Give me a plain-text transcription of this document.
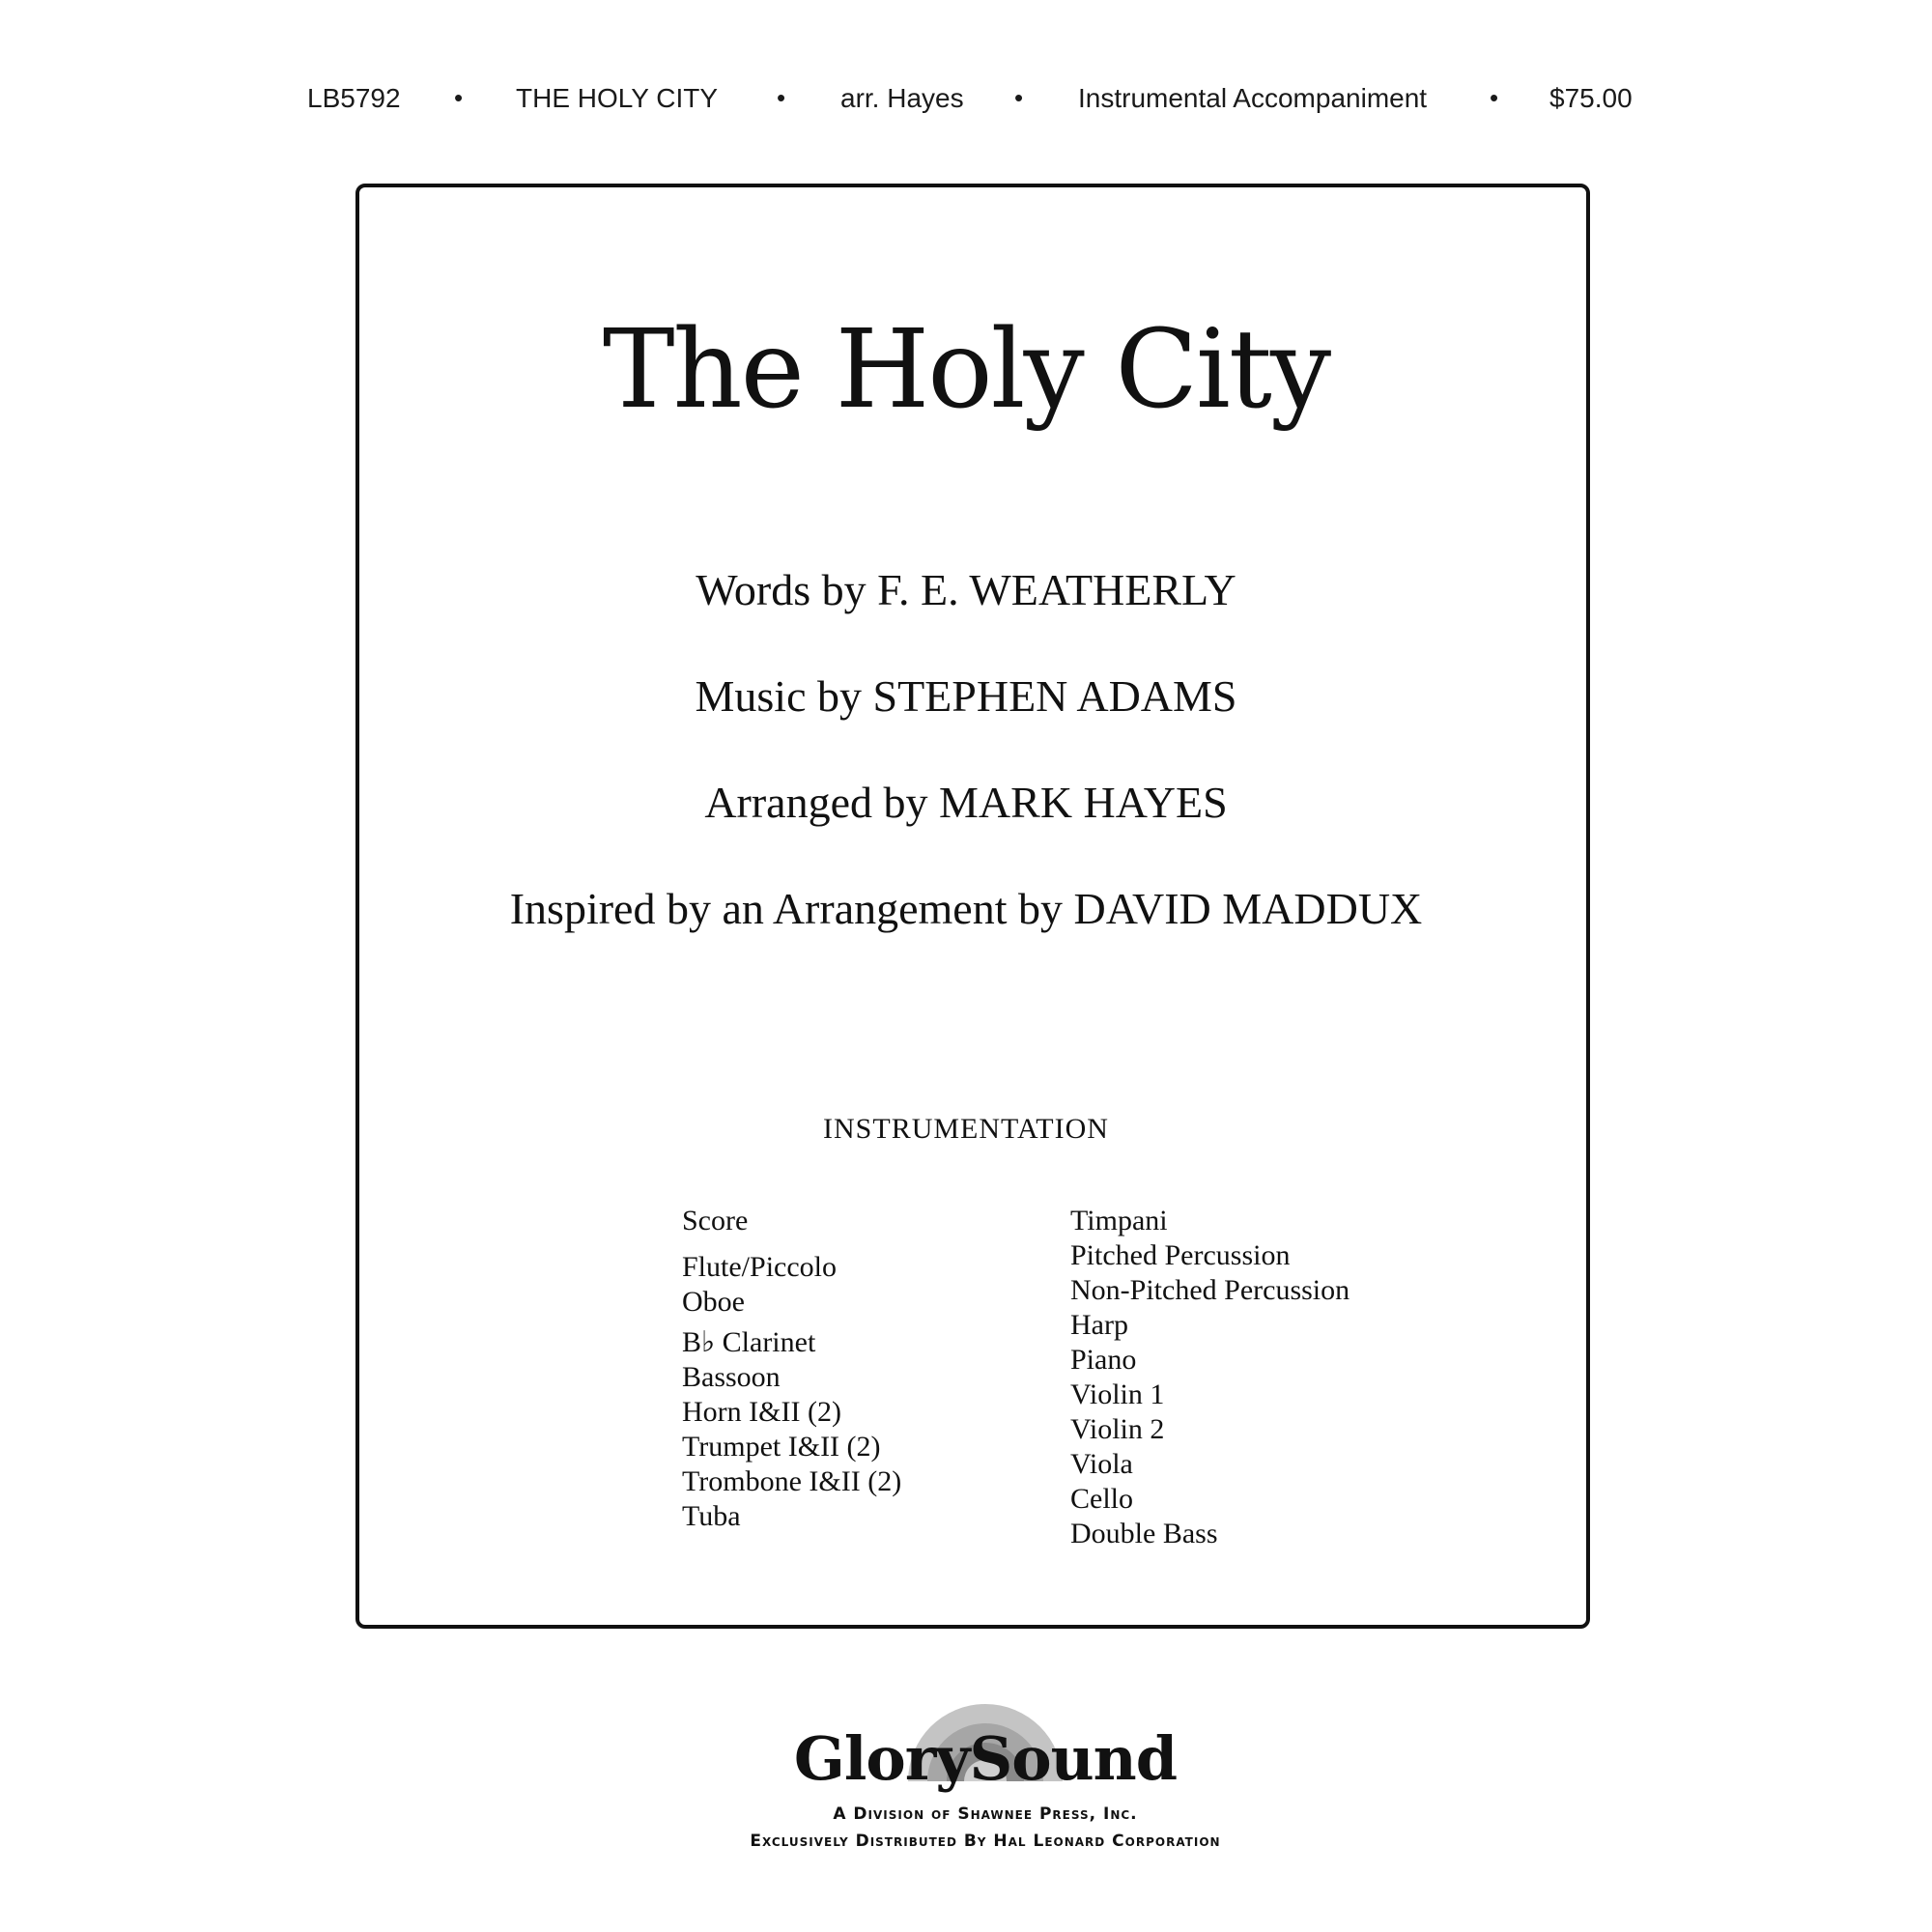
LB5792 • THE HOLY CITY • arr. Hayes • Instrumental Accompaniment • $75.00
The Holy City
Words by F. E. WEATHERLY
Music by STEPHEN ADAMS
Arranged by MARK HAYES
Inspired by an Arrangement by DAVID MADDUX
INSTRUMENTATION
Score
Flute/Piccolo
Oboe
B♭ Clarinet
Bassoon
Horn I&II (2)
Trumpet I&II (2)
Trombone I&II (2)
Tuba
Timpani
Pitched Percussion
Non-Pitched Percussion
Harp
Piano
Violin 1
Violin 2
Viola
Cello
Double Bass
GlorySound
A Division of Shawnee Press, Inc.
Exclusively Distributed By Hal Leonard Corporation
